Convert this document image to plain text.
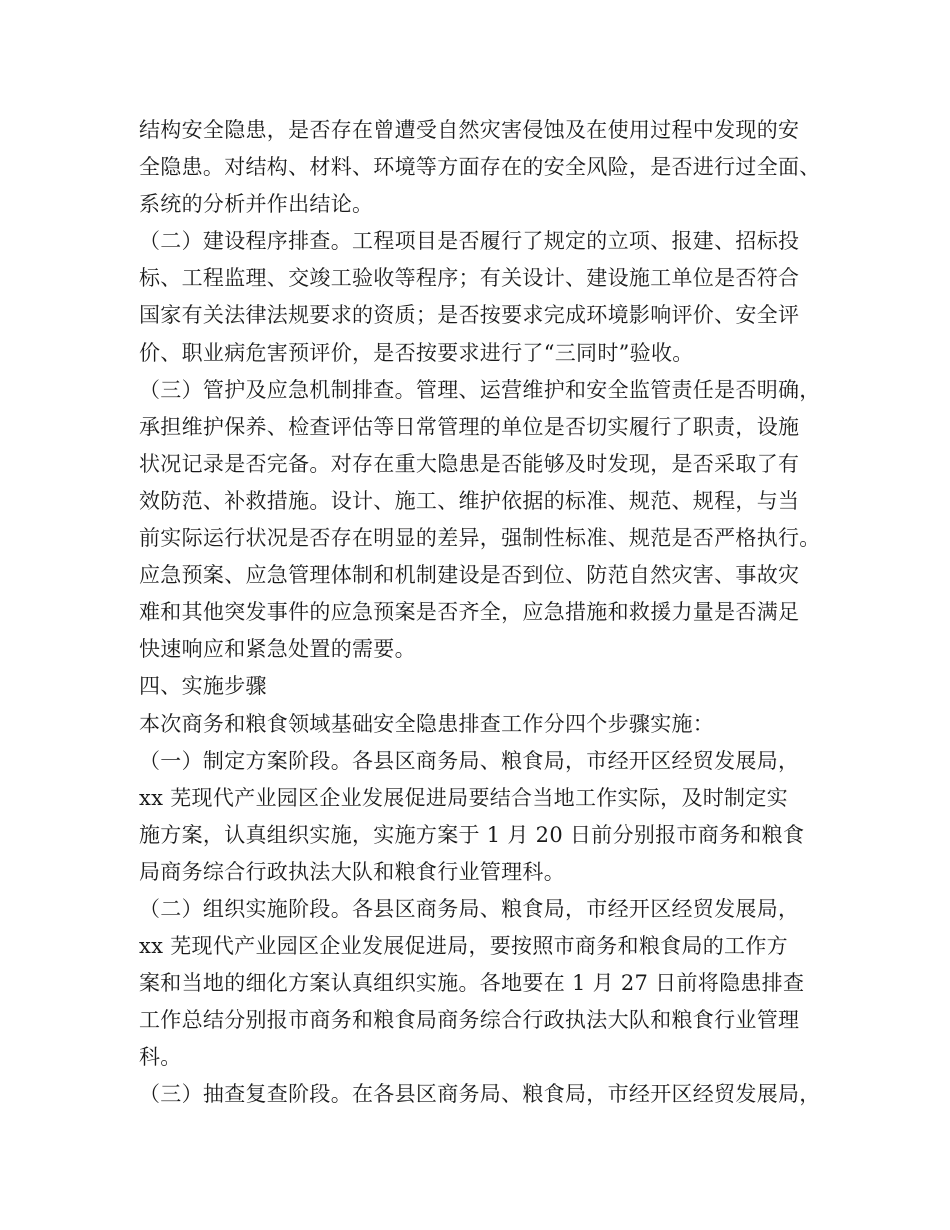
结构安全隐患，是否存在曾遭受自然灾害侵蚀及在使用过程中发现的安
全隐患。对结构、材料、环境等方面存在的安全风险，是否进行过全面、
系统的分析并作出结论。
（二）建设程序排查。工程项目是否履行了规定的立项、报建、招标投
标、工程监理、交竣工验收等程序；有关设计、建设施工单位是否符合
国家有关法律法规要求的资质；是否按要求完成环境影响评价、安全评
价、职业病危害预评价，是否按要求进行了“三同时”验收。
（三）管护及应急机制排查。管理、运营维护和安全监管责任是否明确，
承担维护保养、检查评估等日常管理的单位是否切实履行了职责，设施
状况记录是否完备。对存在重大隐患是否能够及时发现，是否采取了有
效防范、补救措施。设计、施工、维护依据的标准、规范、规程，与当
前实际运行状况是否存在明显的差异，强制性标准、规范是否严格执行。
应急预案、应急管理体制和机制建设是否到位、防范自然灾害、事故灾
难和其他突发事件的应急预案是否齐全，应急措施和救援力量是否满足
快速响应和紧急处置的需要。
四、实施步骤
本次商务和粮食领域基础安全隐患排查工作分四个步骤实施：
（一）制定方案阶段。各县区商务局、粮食局，市经开区经贸发展局，
xx 芜现代产业园区企业发展促进局要结合当地工作实际，及时制定实
施方案，认真组织实施，实施方案于 1 月 20 日前分别报市商务和粮食
局商务综合行政执法大队和粮食行业管理科。
（二）组织实施阶段。各县区商务局、粮食局，市经开区经贸发展局，
xx 芜现代产业园区企业发展促进局，要按照市商务和粮食局的工作方
案和当地的细化方案认真组织实施。各地要在 1 月 27 日前将隐患排查
工作总结分别报市商务和粮食局商务综合行政执法大队和粮食行业管理
科。
（三）抽查复查阶段。在各县区商务局、粮食局，市经开区经贸发展局，
